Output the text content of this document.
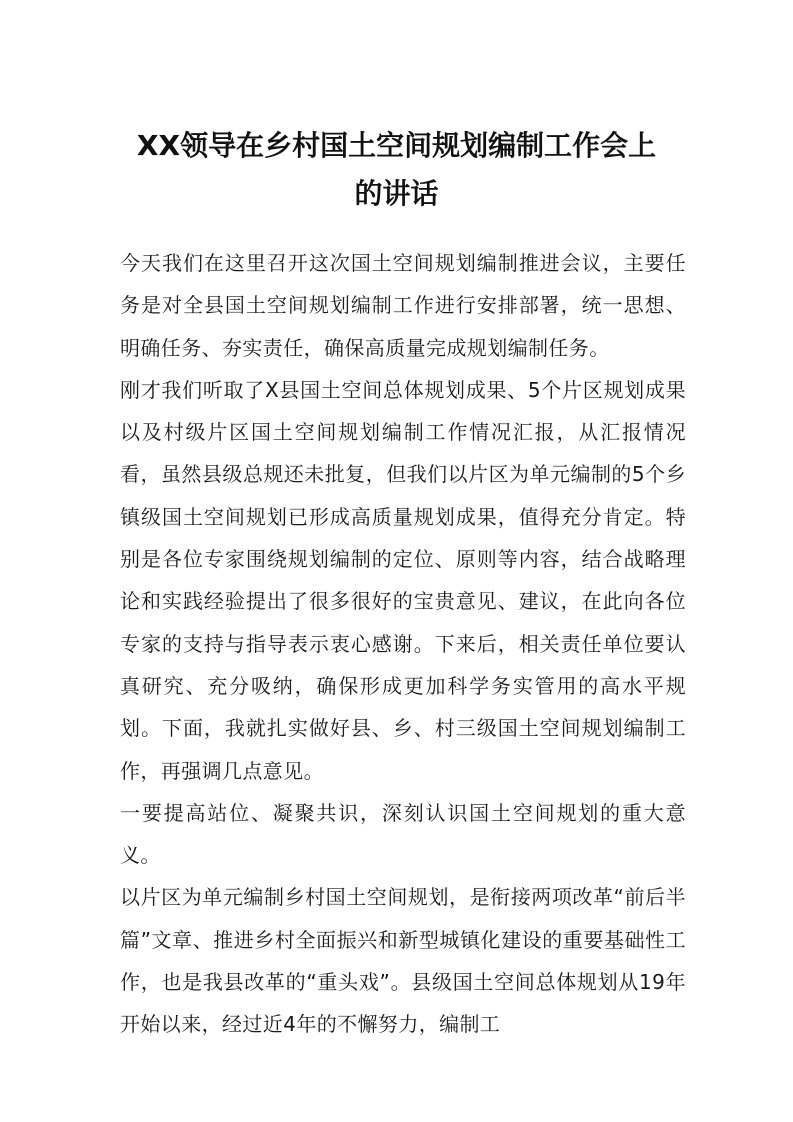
XX领导在乡村国土空间规划编制工作会上
的讲话

今天我们在这里召开这次国土空间规划编制推进会议，主要任务是对全县国土空间规划编制工作进行安排部署，统一思想、明确任务、夯实责任，确保高质量完成规划编制任务。

刚才我们听取了X县国土空间总体规划成果、5个片区规划成果以及村级片区国土空间规划编制工作情况汇报，从汇报情况看，虽然县级总规还未批复，但我们以片区为单元编制的5个乡镇级国土空间规划已形成高质量规划成果，值得充分肯定。特别是各位专家围绕规划编制的定位、原则等内容，结合战略理论和实践经验提出了很多很好的宝贵意见、建议，在此向各位专家的支持与指导表示衷心感谢。下来后，相关责任单位要认真研究、充分吸纳，确保形成更加科学务实管用的高水平规划。下面，我就扎实做好县、乡、村三级国土空间规划编制工作，再强调几点意见。

一要提高站位、凝聚共识，深刻认识国土空间规划的重大意义。

以片区为单元编制乡村国土空间规划，是衔接两项改革“前后半篇”文章、推进乡村全面振兴和新型城镇化建设的重要基础性工作，也是我县改革的“重头戏”。县级国土空间总体规划从19年开始以来，经过近4年的不懈努力，编制工
